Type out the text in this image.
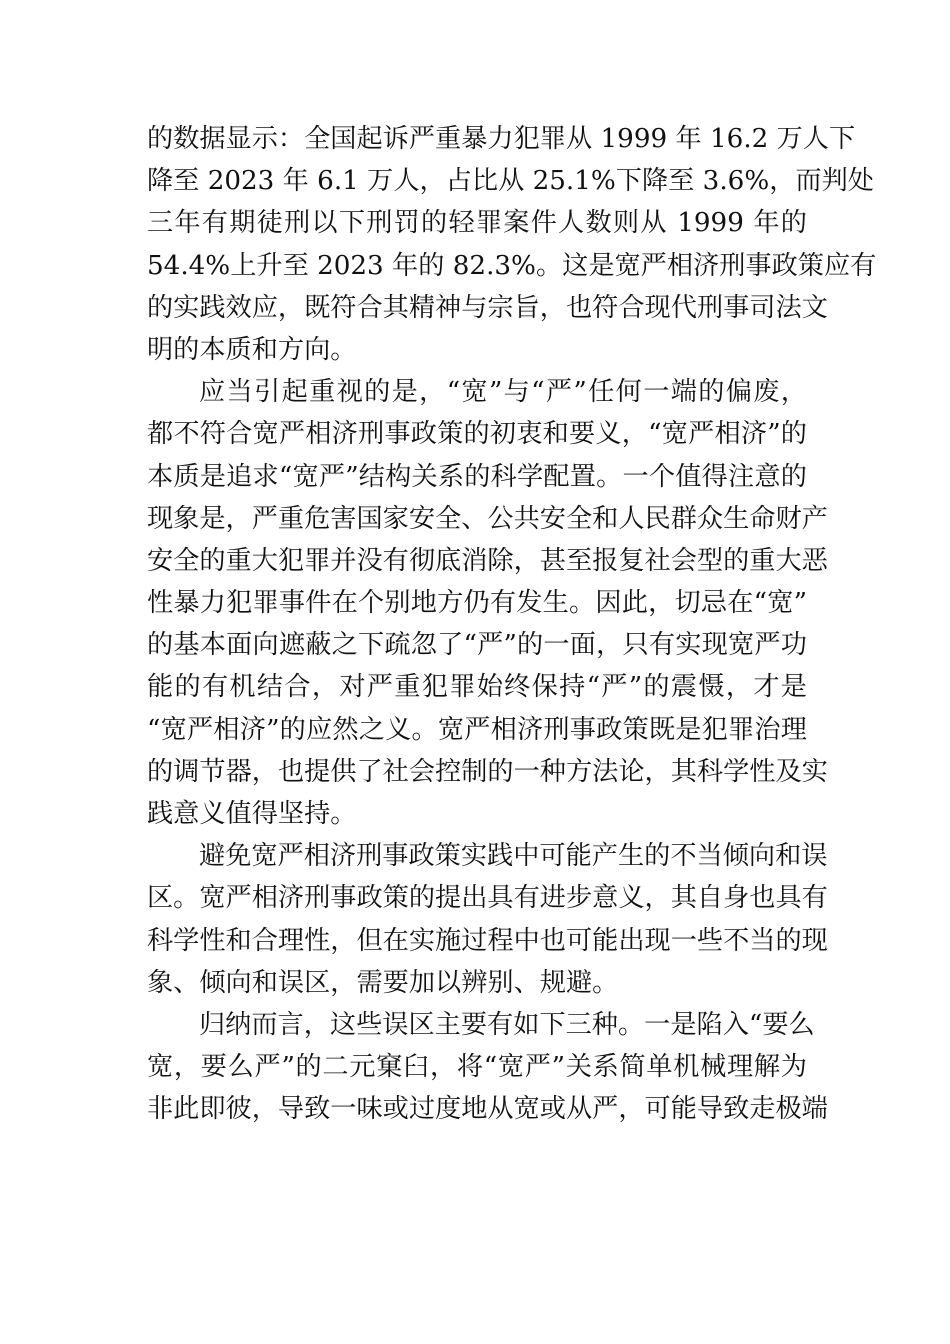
的数据显示：全国起诉严重暴力犯罪从 1999 年 16.2 万人下
降至 2023 年 6.1 万人，占比从 25.1%下降至 3.6%，而判处
三年有期徒刑以下刑罚的轻罪案件人数则从 1999 年的
54.4%上升至 2023 年的 82.3%。这是宽严相济刑事政策应有
的实践效应，既符合其精神与宗旨，也符合现代刑事司法文
明的本质和方向。
应当引起重视的是，“宽”与“严”任何一端的偏废，
都不符合宽严相济刑事政策的初衷和要义，“宽严相济”的
本质是追求“宽严”结构关系的科学配置。一个值得注意的
现象是，严重危害国家安全、公共安全和人民群众生命财产
安全的重大犯罪并没有彻底消除，甚至报复社会型的重大恶
性暴力犯罪事件在个别地方仍有发生。因此，切忌在“宽”
的基本面向遮蔽之下疏忽了“严”的一面，只有实现宽严功
能的有机结合，对严重犯罪始终保持“严”的震慑，才是
“宽严相济”的应然之义。宽严相济刑事政策既是犯罪治理
的调节器，也提供了社会控制的一种方法论，其科学性及实
践意义值得坚持。
避免宽严相济刑事政策实践中可能产生的不当倾向和误
区。宽严相济刑事政策的提出具有进步意义，其自身也具有
科学性和合理性，但在实施过程中也可能出现一些不当的现
象、倾向和误区，需要加以辨别、规避。
归纳而言，这些误区主要有如下三种。一是陷入“要么
宽，要么严”的二元窠臼，将“宽严”关系简单机械理解为
非此即彼，导致一味或过度地从宽或从严，可能导致走极端
